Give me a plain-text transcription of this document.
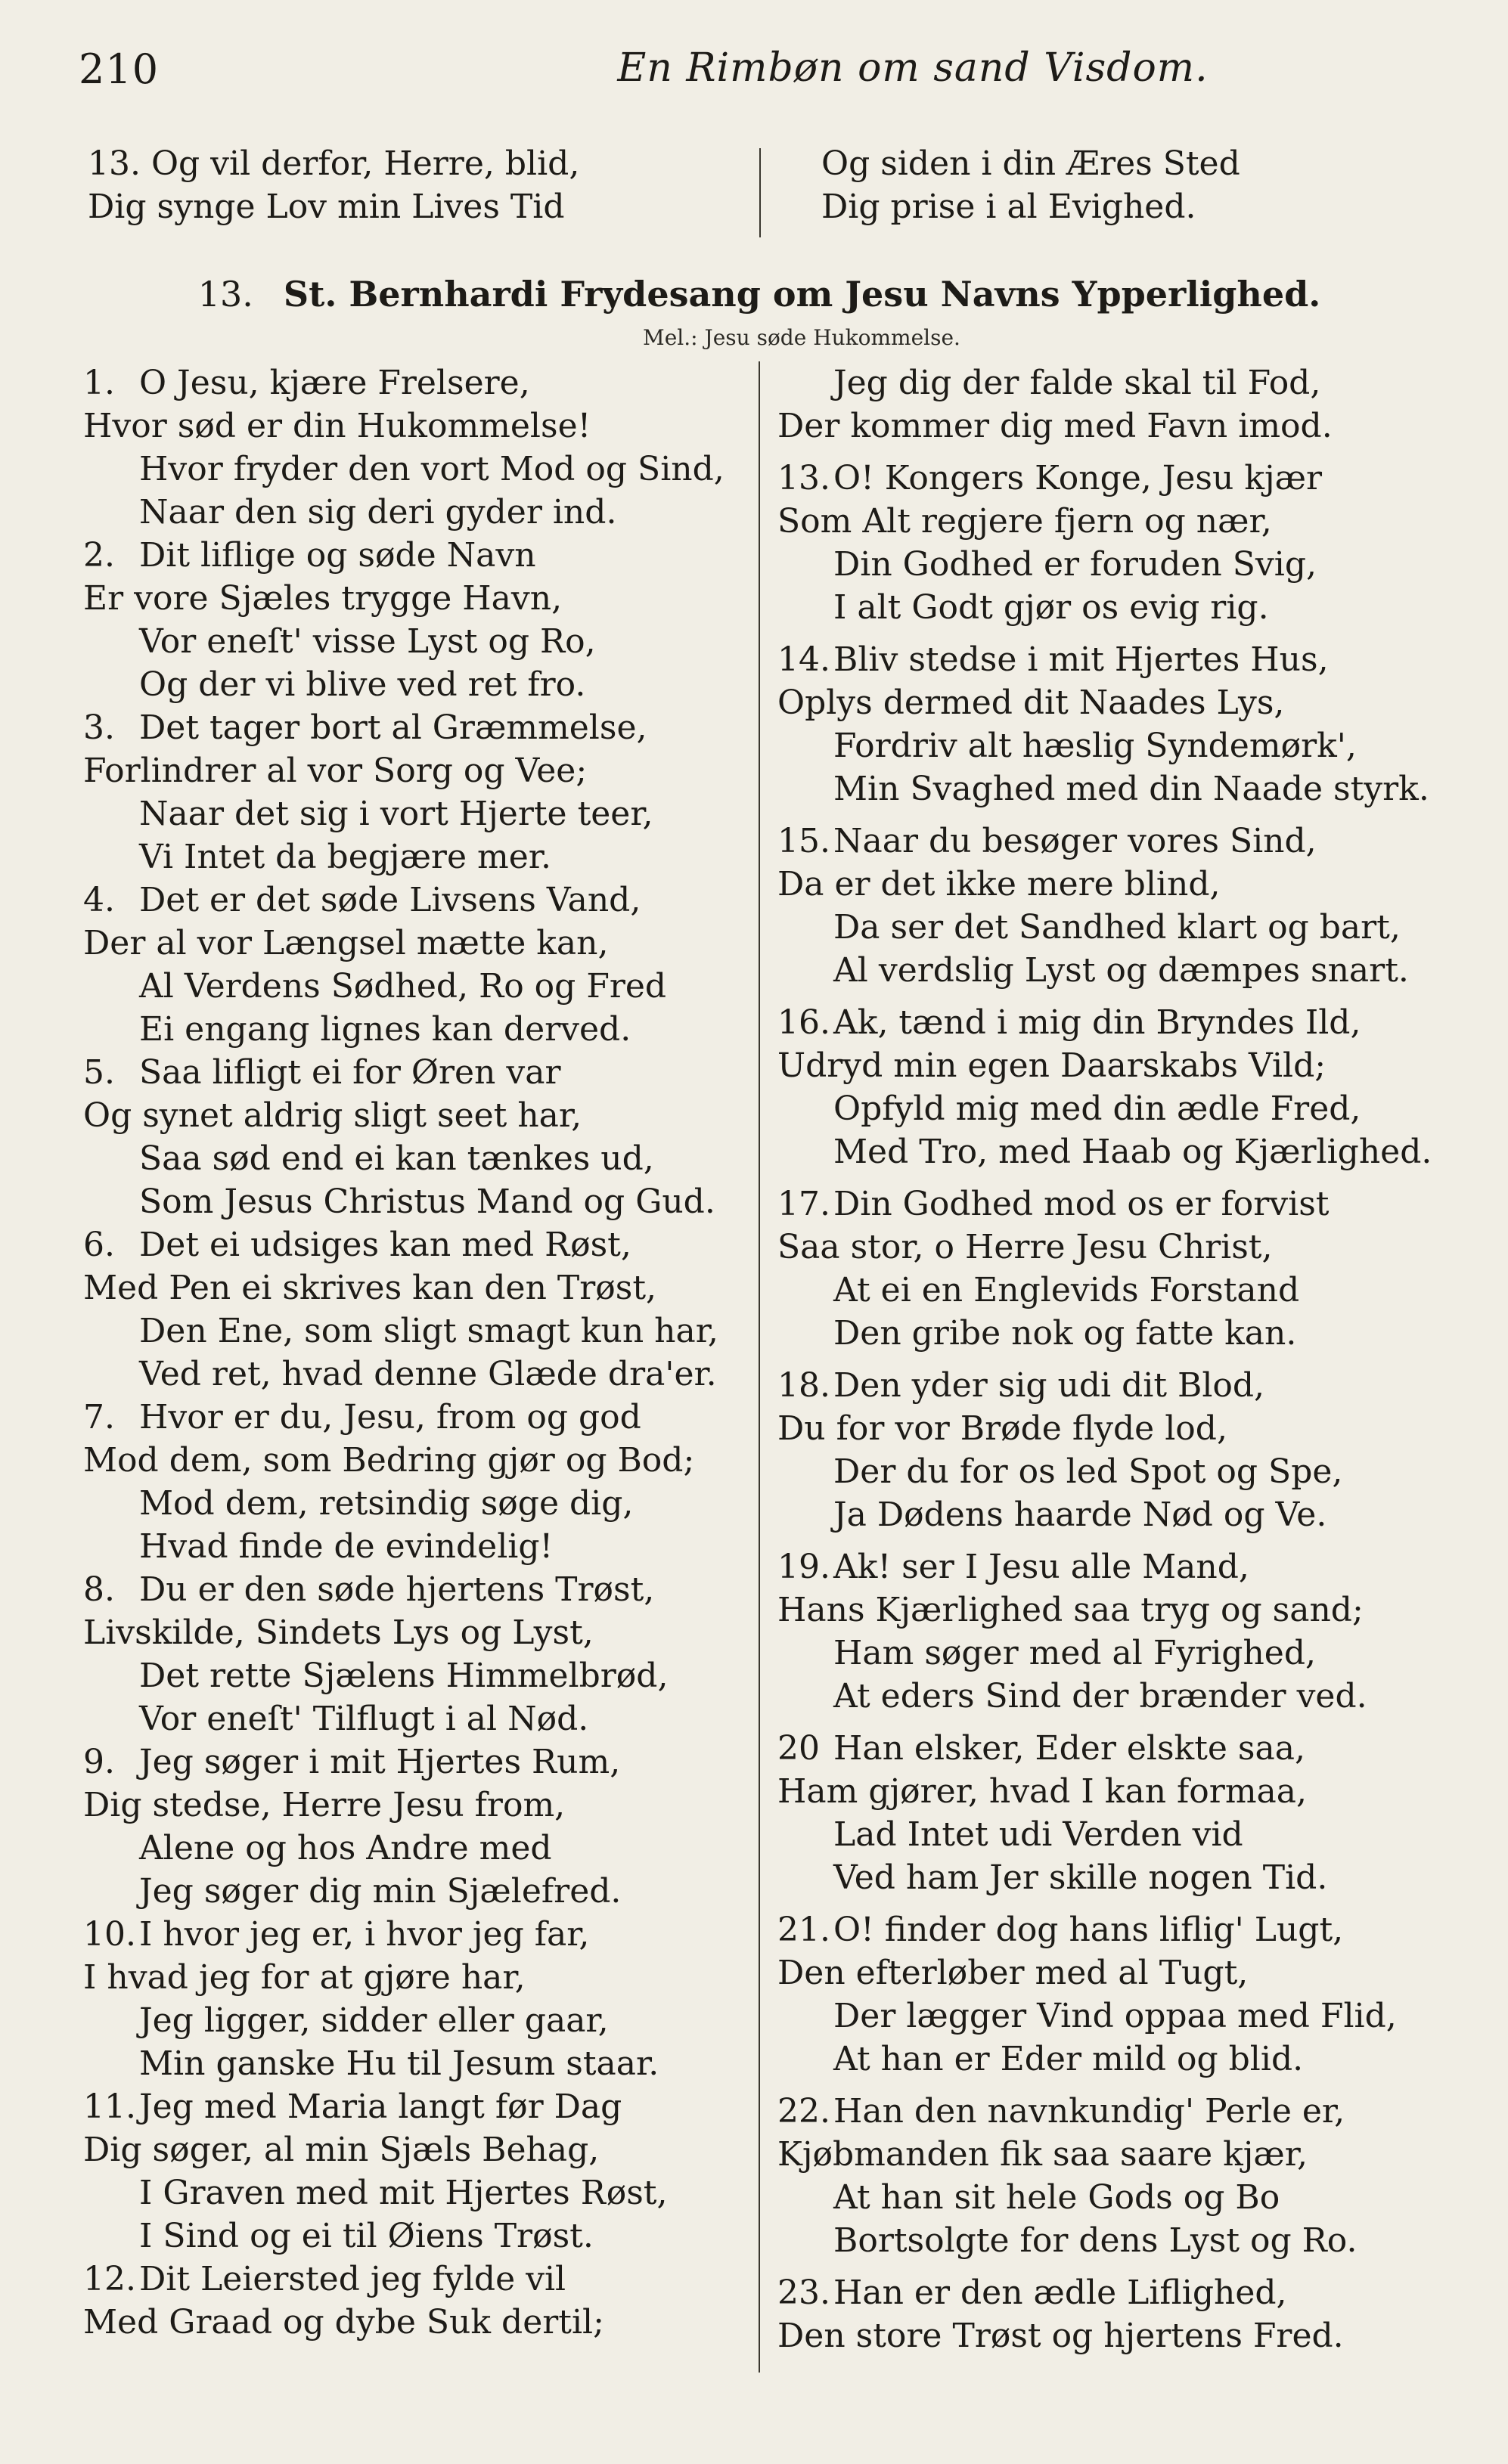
210	En Rimbøn om sand Visdom.
13. Og vil derfor, Herre, blid,
Dig synge Lov min Lives Tid
Og siden i din Æres Sted
Dig prise i al Evighed.
13. St. Bernhardi Frydesang om Jesu Navns Ypperlighed.
Mel.: Jesu søde Hukommelse.
1. O Jesu, kjære Frelsere,
Hvor sød er din Hukommelse!
Hvor fryder den vort Mod og Sind,
Naar den sig deri gyder ind.
2. Dit liflige og søde Navn
Er vore Sjæles trygge Havn,
Vor eneſt' visse Lyst og Ro,
Og der vi blive ved ret fro.
3. Det tager bort al Græmmelse,
Forlindrer al vor Sorg og Vee;
Naar det sig i vort Hjerte teer,
Vi Intet da begjære mer.
4. Det er det søde Livsens Vand,
Der al vor Længsel mætte kan,
Al Verdens Sødhed, Ro og Fred
Ei engang lignes kan derved.
5. Saa lifligt ei for Øren var
Og synet aldrig sligt seet har,
Saa sød end ei kan tænkes ud,
Som Jesus Christus Mand og Gud.
6. Det ei udsiges kan med Røst,
Med Pen ei skrives kan den Trøst,
Den Ene, som sligt smagt kun har,
Ved ret, hvad denne Glæde dra'er.
7. Hvor er du, Jesu, from og god
Mod dem, som Bedring gjør og Bod;
Mod dem, retsindig søge dig,
Hvad finde de evindelig!
8. Du er den søde hjertens Trøst,
Livskilde, Sindets Lys og Lyst,
Det rette Sjælens Himmelbrød,
Vor eneſt' Tilflugt i al Nød.
9. Jeg søger i mit Hjertes Rum,
Dig stedse, Herre Jesu from,
Alene og hos Andre med
Jeg søger dig min Sjælefred.
10.I hvor jeg er, i hvor jeg far,
I hvad jeg for at gjøre har,
Jeg ligger, sidder eller gaar,
Min ganske Hu til Jesum staar.
11.Jeg med Maria langt før Dag
Dig søger, al min Sjæls Behag,
I Graven med mit Hjertes Røst,
I Sind og ei til Øiens Trøst.
12.Dit Leiersted jeg fylde vil
Med Graad og dybe Suk dertil;
Jeg dig der falde skal til Fod,
Der kommer dig med Favn imod.
13.O! Kongers Konge, Jesu kjær
Som Alt regjere fjern og nær,
Din Godhed er foruden Svig,
I alt Godt gjør os evig rig.
14.Bliv stedse i mit Hjertes Hus,
Oplys dermed dit Naades Lys,
Fordriv alt hæslig Syndemørk',
Min Svaghed med din Naade styrk.
15.Naar du besøger vores Sind,
Da er det ikke mere blind,
Da ser det Sandhed klart og bart,
Al verdslig Lyst og dæmpes snart.
16.Ak, tænd i mig din Bryndes Ild,
Udryd min egen Daarskabs Vild;
Opfyld mig med din ædle Fred,
Med Tro, med Haab og Kjærlighed.
17.Din Godhed mod os er forvist
Saa stor, o Herre Jesu Christ,
At ei en Englevids Forstand
Den gribe nok og fatte kan.
18.Den yder sig udi dit Blod,
Du for vor Brøde flyde lod,
Der du for os led Spot og Spe,
Ja Dødens haarde Nød og Ve.
19.Ak! ser I Jesu alle Mand,
Hans Kjærlighed saa tryg og sand;
Ham søger med al Fyrighed,
At eders Sind der brænder ved.
20 Han elsker, Eder elskte saa,
Ham gjører, hvad I kan formaa,
Lad Intet udi Verden vid
Ved ham Jer skille nogen Tid.
21.O! finder dog hans liflig' Lugt,
Den efterløber med al Tugt,
Der lægger Vind oppaa med Flid,
At han er Eder mild og blid.
22.Han den navnkundig' Perle er,
Kjøbmanden fik saa saare kjær,
At han sit hele Gods og Bo
Bortsolgte for dens Lyst og Ro.
23.Han er den ædle Liflighed,
Den store Trøst og hjertens Fred.
